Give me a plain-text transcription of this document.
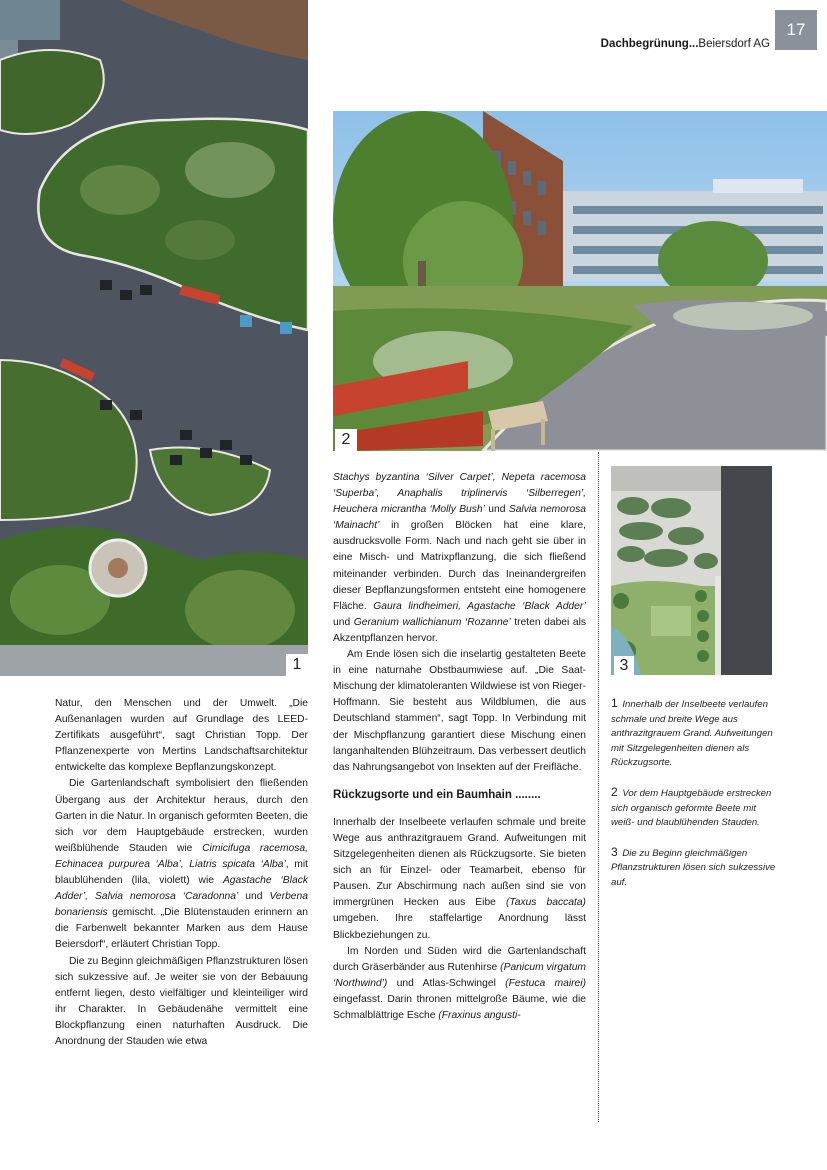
17
Dachbegrünung...Beiersdorf AG
1
2
3

Natur, den Menschen und der Umwelt. „Die Außenanlagen wurden auf Grundlage des LEED-Zertifikats ausgeführt“, sagt Christian Topp. Der Pflanzenexperte von Mertins Landschaftsarchitektur entwickelte das komplexe Bepflanzungskonzept.

Die Gartenlandschaft symbolisiert den fließenden Übergang aus der Architektur heraus, durch den Garten in die Natur. In organisch geformten Beeten, die sich vor dem Hauptgebäude erstrecken, wurden weißblühende Stauden wie Cimicifuga racemosa, Echinacea purpurea ‘Alba’, Liatris spicata ‘Alba’, mit blaublühenden (lila, violett) wie Agastache ‘Black Adder’, Salvia nemorosa ‘Caradonna’ und Verbena bonariensis gemischt. „Die Blütenstauden erinnern an die Farbenwelt bekannter Marken aus dem Hause Beiersdorf“, erläutert Christian Topp.

Die zu Beginn gleichmäßigen Pflanzstrukturen lösen sich sukzessive auf. Je weiter sie von der Bebauung entfernt liegen, desto vielfältiger und kleinteiliger wird ihr Charakter. In Gebäudenähe vermittelt eine Blockpflanzung einen naturhaften Ausdruck. Die Anordnung der Stauden wie etwa

Stachys byzantina ‘Silver Carpet’, Nepeta racemosa ‘Superba’, Anaphalis triplinervis ‘Silberregen’, Heuchera micrantha ‘Molly Bush’ und Salvia nemorosa ‘Mainacht’ in großen Blöcken hat eine klare, ausdrucksvolle Form. Nach und nach geht sie über in eine Misch- und Matrixpflanzung, die sich fließend miteinander verbinden. Durch das Ineinandergreifen dieser Bepflanzungsformen entsteht eine homogenere Fläche. Gaura lindheimeri, Agastache ‘Black Adder’ und Geranium wallichianum ‘Rozanne’ treten dabei als Akzentpflanzen hervor.

Am Ende lösen sich die inselartig gestalteten Beete in eine naturnahe Obstbaumwiese auf. „Die Saat-Mischung der klimatoleranten Wildwiese ist von Rieger-Hoffmann. Sie besteht aus Wildblumen, die aus Deutschland stammen“, sagt Topp. In Verbindung mit der Mischpflanzung garantiert diese Mischung einen langanhaltenden Blühzeitraum. Das verbessert deutlich das Nahrungsangebot von Insekten auf der Freifläche.

Rückzugsorte und ein Baumhain ........

Innerhalb der Inselbeete verlaufen schmale und breite Wege aus anthrazitgrauem Grand. Aufweitungen mit Sitzgelegenheiten dienen als Rückzugsorte. Sie bieten sich an für Einzel- oder Teamarbeit, ebenso für Pausen. Zur Abschirmung nach außen sind sie von immergrünen Hecken aus Eibe (Taxus baccata) umgeben. Ihre staffelartige Anordnung lässt Blickbeziehungen zu.

Im Norden und Süden wird die Gartenlandschaft durch Gräserbänder aus Rutenhirse (Panicum virgatum ‘Northwind’) und Atlas-Schwingel (Festuca mairei) eingefasst. Darin thronen mittelgroße Bäume, wie die Schmalblättrige Esche (Fraxinus angusti-

1 Innerhalb der Inselbeete verlaufen schmale und breite Wege aus anthrazitgrauem Grand. Aufweitungen mit Sitzgelegenheiten dienen als Rückzugsorte.

2 Vor dem Hauptgebäude erstrecken sich organisch geformte Beete mit weiß- und blaublühenden Stauden.

3 Die zu Beginn gleichmäßigen Pflanzstrukturen lösen sich sukzessive auf.
